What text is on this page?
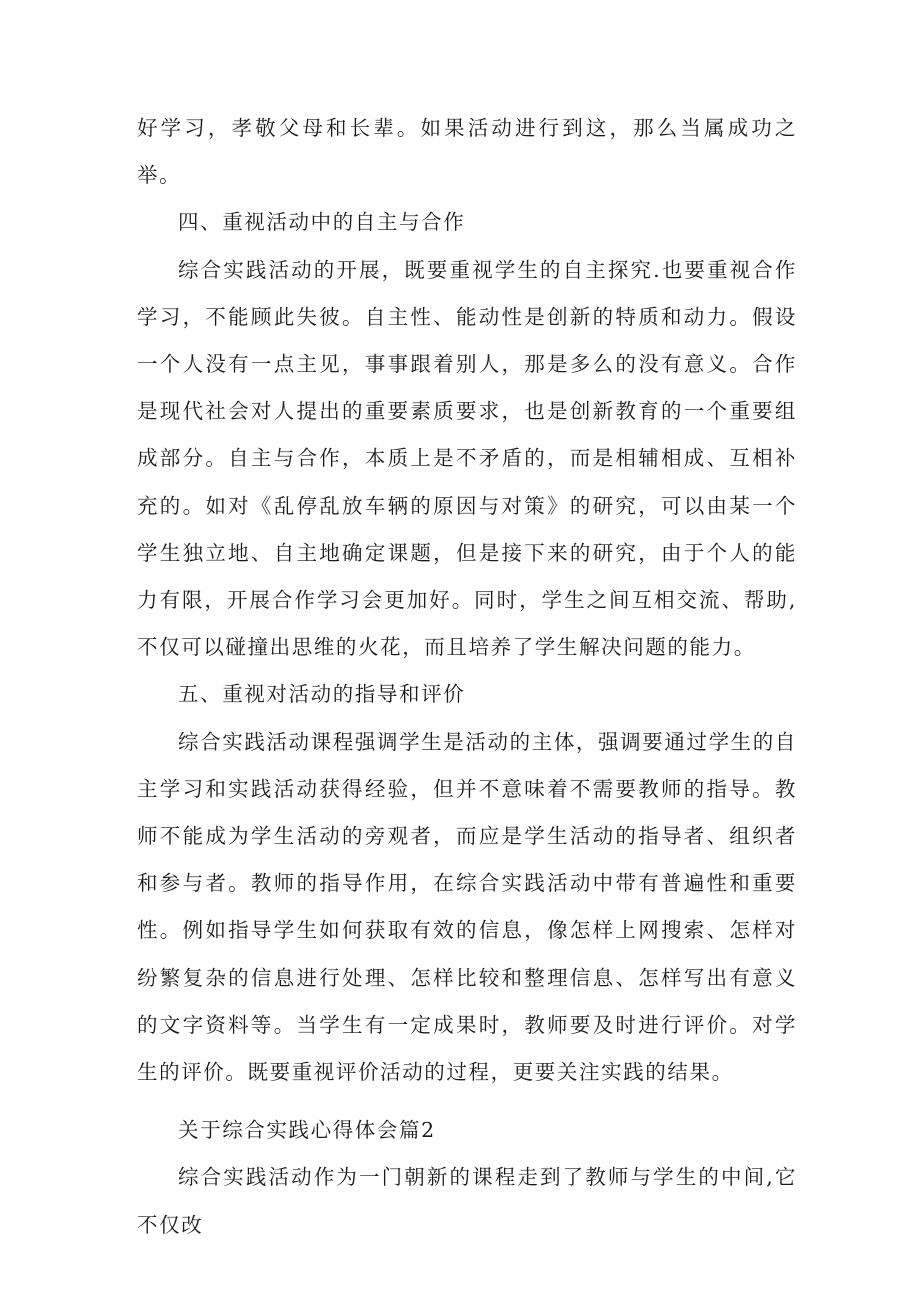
好学习，孝敬父母和长辈。如果活动进行到这，那么当属成功之举。

四、重视活动中的自主与合作

综合实践活动的开展，既要重视学生的自主探究.也要重视合作学习，不能顾此失彼。自主性、能动性是创新的特质和动力。假设一个人没有一点主见，事事跟着别人，那是多么的没有意义。合作是现代社会对人提出的重要素质要求，也是创新教育的一个重要组成部分。自主与合作，本质上是不矛盾的，而是相辅相成、互相补充的。如对《乱停乱放车辆的原因与对策》的研究，可以由某一个学生独立地、自主地确定课题，但是接下来的研究，由于个人的能力有限，开展合作学习会更加好。同时，学生之间互相交流、帮助,不仅可以碰撞出思维的火花，而且培养了学生解决问题的能力。

五、重视对活动的指导和评价

综合实践活动课程强调学生是活动的主体，强调要通过学生的自主学习和实践活动获得经验，但并不意味着不需要教师的指导。教师不能成为学生活动的旁观者，而应是学生活动的指导者、组织者和参与者。教师的指导作用，在综合实践活动中带有普遍性和重要性。例如指导学生如何获取有效的信息，像怎样上网搜索、怎样对纷繁复杂的信息进行处理、怎样比较和整理信息、怎样写出有意义的文字资料等。当学生有一定成果时，教师要及时进行评价。对学生的评价。既要重视评价活动的过程，更要关注实践的结果。

关于综合实践心得体会篇2

综合实践活动作为一门朝新的课程走到了教师与学生的中间,它不仅改
